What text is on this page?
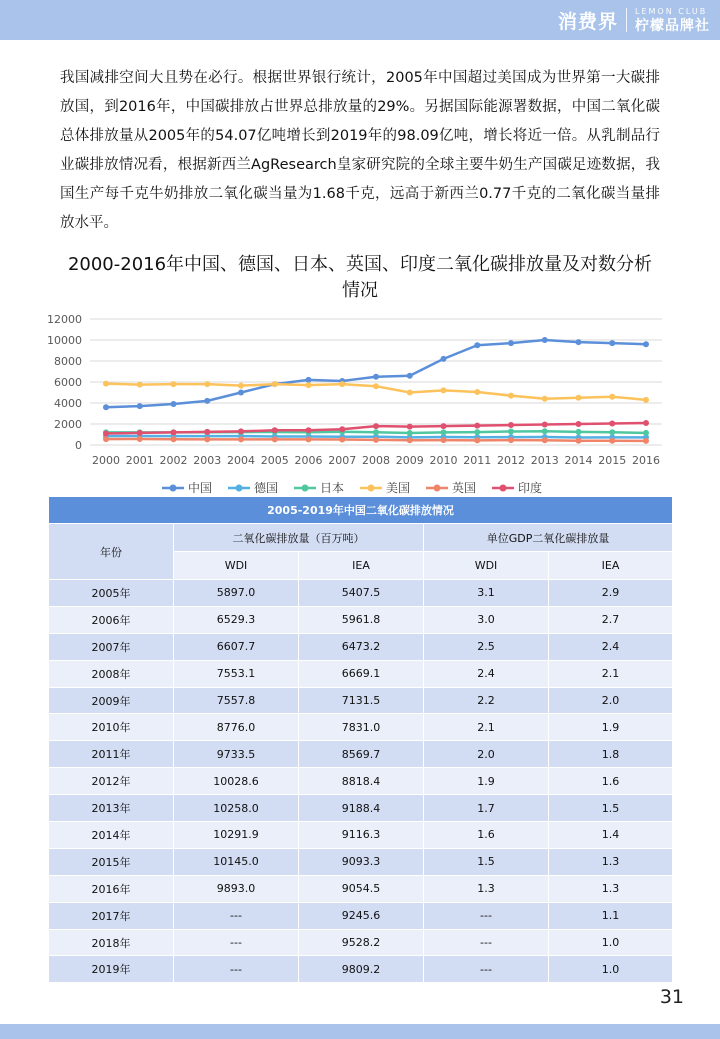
消费界 LEMON CLUB
柠檬品牌社
我国减排空间大且势在必行。根据世界银行统计，2005年中国超过美国成为世界第一大碳排放国，到2016年，中国碳排放占世界总排放量的29%。另据国际能源署数据，中国二氧化碳总体排放量从2005年的54.07亿吨增长到2019年的98.09亿吨，增长将近一倍。从乳制品行业碳排放情况看，根据新西兰AgResearch皇家研究院的全球主要牛奶生产国碳足迹数据，我国生产每千克牛奶排放二氧化碳当量为1.68千克，远高于新西兰0.77千克的二氧化碳当量排放水平。
2000-2016年中国、德国、日本、英国、印度二氧化碳排放量及对数分析情况
0
2000
4000
6000
8000
10000
12000
2000 2001 2002 2003 2004 2005 2006 2007 2008 2009 2010 2011 2012 2013 2014 2015 2016
中国	德国	日本	美国	英国	印度
2005-2019年中国二氧化碳排放情况				
年份	二氧化碳排放量（百万吨）		单位GDP二氧化碳排放量	
	WDI	IEA	WDI	IEA
2005年	5897.0	5407.5	3.1	2.9
2006年	6529.3	5961.8	3.0	2.7
2007年	6607.7	6473.2	2.5	2.4
2008年	7553.1	6669.1	2.4	2.1
2009年	7557.8	7131.5	2.2	2.0
2010年	8776.0	7831.0	2.1	1.9
2011年	9733.5	8569.7	2.0	1.8
2012年	10028.6	8818.4	1.9	1.6
2013年	10258.0	9188.4	1.7	1.5
2014年	10291.9	9116.3	1.6	1.4
2015年	10145.0	9093.3	1.5	1.3
2016年	9893.0	9054.5	1.3	1.3
2017年	---	9245.6	---	1.1
2018年	---	9528.2	---	1.0
2019年	---	9809.2	---	1.0
31
